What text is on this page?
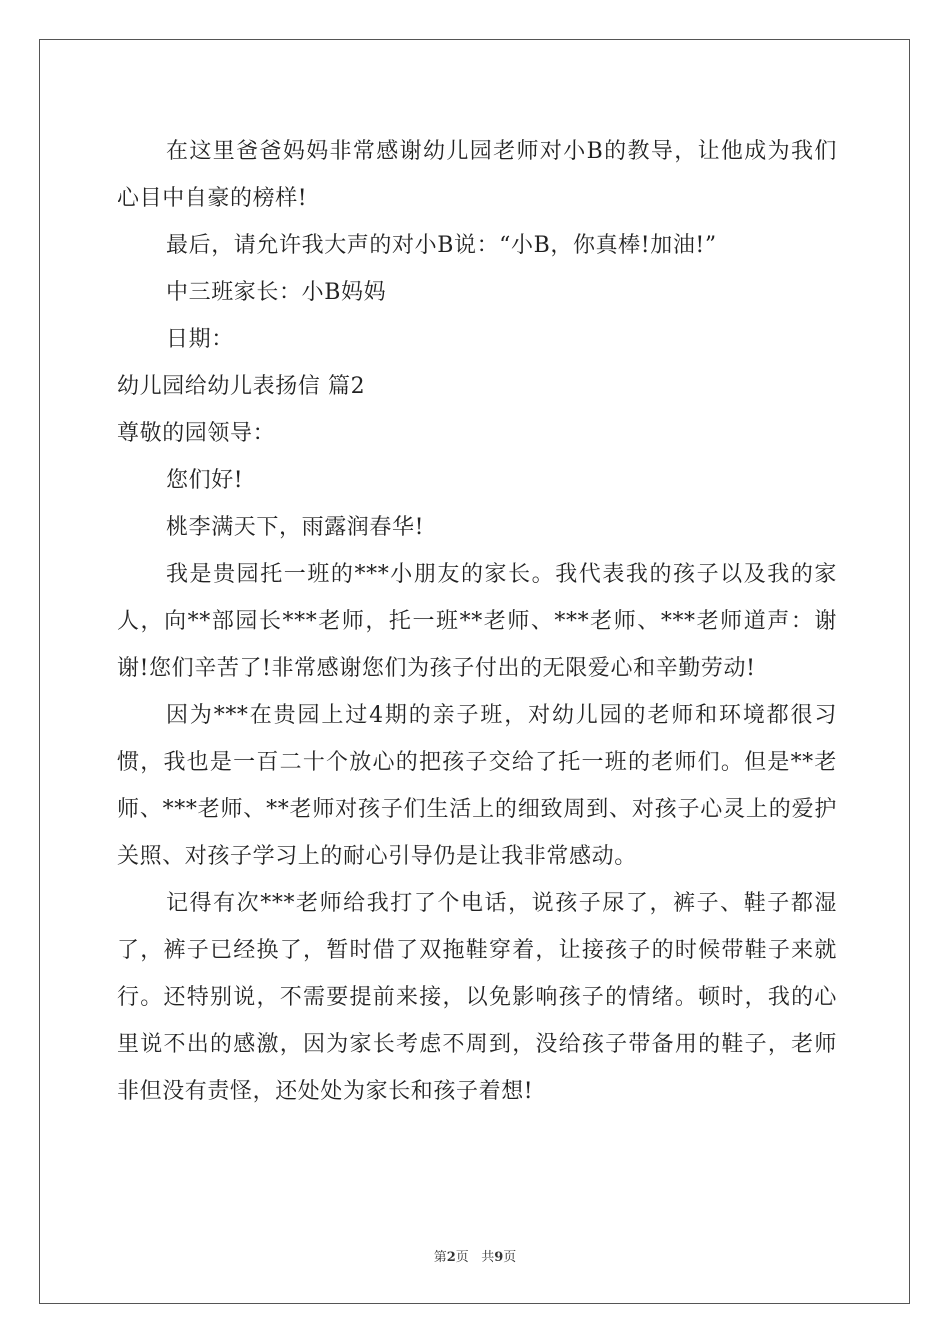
在这里爸爸妈妈非常感谢幼儿园老师对小B的教导，让他成为我们心目中自豪的榜样!

最后，请允许我大声的对小B说：“小B，你真棒!加油!”

中三班家长：小B妈妈

日期：

幼儿园给幼儿表扬信 篇2

尊敬的园领导：

您们好!

桃李满天下，雨露润春华!

我是贵园托一班的***小朋友的家长。我代表我的孩子以及我的家人，向**部园长***老师，托一班**老师、***老师、***老师道声：谢谢!您们辛苦了!非常感谢您们为孩子付出的无限爱心和辛勤劳动!

因为***在贵园上过4期的亲子班，对幼儿园的老师和环境都很习惯，我也是一百二十个放心的把孩子交给了托一班的老师们。但是**老师、***老师、**老师对孩子们生活上的细致周到、对孩子心灵上的爱护关照、对孩子学习上的耐心引导仍是让我非常感动。

记得有次***老师给我打了个电话，说孩子尿了，裤子、鞋子都湿了，裤子已经换了，暂时借了双拖鞋穿着，让接孩子的时候带鞋子来就行。还特别说，不需要提前来接，以免影响孩子的情绪。顿时，我的心里说不出的感激，因为家长考虑不周到，没给孩子带备用的鞋子，老师非但没有责怪，还处处为家长和孩子着想!

第2页 共9页
